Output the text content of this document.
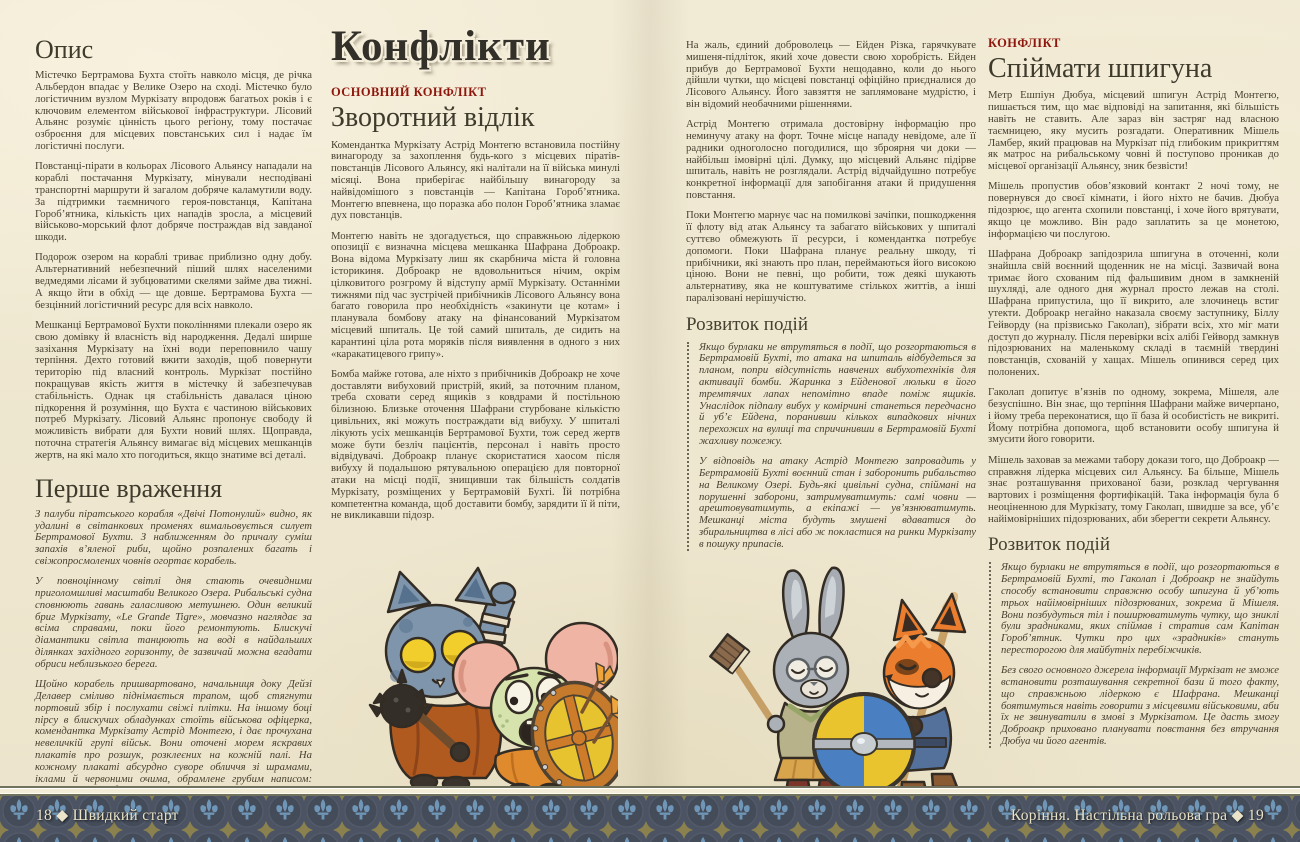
Опис

Містечко Бертрамова Бухта стоїть навколо місця, де річка Альбердон впадає у Велике Озеро на сході. Містечко було логістичним вузлом Муркізату впродовж багатьох років і є ключовим елементом військової інфраструктури. Лісовий Альянс розуміє цінність цього регіону, тому постачає озброєння для місцевих повстанських сил і надає їм логістичні послуги.

Повстанці-пірати в кольорах Лісового Альянсу нападали на кораблі постачання Муркізату, мінували несподівані транспортні маршрути й загалом добряче каламутили воду. За підтримки таємничого героя-повстанця, Капітана Гороб’ятника, кількість цих нападів зросла, а місцевий військово-морський флот добряче постраждав від завданої шкоди.

Подорож озером на кораблі триває приблизно одну добу. Альтернативний небезпечний піший шлях населеними ведмедями лісами й зубцюватими скелями займе два тижні. А якщо йти в обхід — ще довше. Бертрамова Бухта — безцінний логістичний ресурс для всіх навколо.

Мешканці Бертрамової Бухти поколіннями плекали озеро як свою домівку й власність від народження. Дедалі ширше зазіхання Муркізату на їхні води переповнило чашу терпіння. Дехто готовий вжити заходів, щоб повернути територію під власний контроль. Муркізат постійно покращував якість життя в містечку й забезпечував стабільність. Однак ця стабільність давалася ціною підкорення й розуміння, що Бухта є частиною військових потреб Муркізату. Лісовий Альянс пропонує свободу й можливість вибрати для Бухти новий шлях. Щоправда, поточна стратегія Альянсу вимагає від місцевих мешканців жертв, на які мало хто погодиться, якщо знатиме всі деталі.

Перше враження

З палуби піратського корабля «Двічі Потонулий» видно, як удалині в світанкових променях вимальовується силует Бертрамової Бухти. З наближенням до причалу суміш запахів в’яленої риби, щойно розпалених багать і свіжопросмолених човнів огортає корабель.

У повноцінному світлі дня стають очевидними приголомшливі масштаби Великого Озера. Рибальські судна сповнюють гавань галасливою метушнею. Один великий бриг Муркізату, «Le Grande Tigre», мовчазно наглядає за всіма справами, поки його ремонтують. Блискучі діамантики світла танцюють на воді в найдальших ділянках західного горизонту, де зазвичай можна вгадати обриси неблизького берега.

Щойно корабель пришвартовано, начальниця доку Дейзі Делавер сміливо піднімається трапом, щоб стягнути портовий збір і послухати свіжі плітки. На іншому боці пірсу в блискучих обладунках стоїть військова офіцерка, комендантка Муркізату Астрід Монтегю, і дає прочухана невеличкій групі військ. Вони оточені морем яскравих плакатів про розшук, розклеєних на кожній палі. На кожному плакаті абсурдно суворе обличчя зі шрамами, іклами й червоними очима, обрамлене грубим написом:

Конфлікти
ОСНОВНИЙ КОНФЛІКТ
Зворотний відлік

Комендантка Муркізату Астрід Монтегю встановила постійну винагороду за захоплення будь-кого з місцевих піратів-повстанців Лісового Альянсу, які налітали на її війська минулі місяці. Вона приберігає найбільшу винагороду за найвідомішого з повстанців — Капітана Гороб’ятника. Монтегю впевнена, що поразка або полон Гороб’ятника зламає дух повстанців.

Монтегю навіть не здогадується, що справжньою лідеркою опозиції є визначна місцева мешканка Шафрана Доброакр. Вона відома Муркізату лиш як скарбнича міста й головна історикиня. Доброакр не вдовольниться нічим, окрім цілковитого розгрому й відступу армії Муркізату. Останніми тижнями під час зустрічей прибічників Лісового Альянсу вона багато говорила про необхідність «закинути це котам» і планувала бомбову атаку на фінансований Муркізатом місцевий шпиталь. Це той самий шпиталь, де сидить на карантині ціла рота моряків після виявлення в одного з них «каракатицевого грипу».

Бомба майже готова, але ніхто з прибічників Доброакр не хоче доставляти вибуховий пристрій, який, за поточним планом, треба сховати серед ящиків з ковдрами й постільною білизною. Близьке оточення Шафрани стурбоване кількістю цивільних, які можуть постраждати від вибуху. У шпиталі лікують усіх мешканців Бертрамової Бухти, тож серед жертв може бути безліч пацієнтів, персонал і навіть просто відвідувачі. Доброакр планує скористатися хаосом після вибуху й подальшою рятувальною операцією для повторної атаки на місці події, знищивши так більшість солдатів Муркізату, розміщених у Бертрамовій Бухті. Їй потрібна компетентна команда, щоб доставити бомбу, зарядити її й піти, не викликавши підозр.

На жаль, єдиний доброволець — Ейден Різка, гарячкувате мишеня-підліток, який хоче довести свою хоробрість. Ейден прибув до Бертрамової Бухти нещодавно, коли до нього дійшли чутки, що місцеві повстанці офіційно приєдналися до Лісового Альянсу. Його завзяття не заплямоване мудрістю, і він відомий необачними рішеннями.

Астрід Монтегю отримала достовірну інформацію про неминучу атаку на форт. Точне місце нападу невідоме, але її радники одноголосно погодилися, що зброярня чи доки — найбільш імовірні цілі. Думку, що місцевий Альянс підірве шпиталь, навіть не розглядали. Астрід відчайдушно потребує конкретної інформації для запобігання атаки й придушення повстання.

Поки Монтегю марнує час на помилкові зачіпки, пошкодження її флоту від атак Альянсу та забагато військових у шпиталі суттєво обмежують її ресурси, і комендантка потребує допомоги. Поки Шафрана планує реальну шкоду, ті прибічники, які знають про план, переймаються його високою ціною. Вони не певні, що робити, тож деякі шукають альтернативу, яка не коштуватиме стількох життів, а інші паралізовані нерішучістю.

Розвиток подій

Якщо бурлаки не втрутяться в події, що розгортаються в Бертрамовій Бухті, то атака на шпиталь відбудеться за планом, попри відсутність навчених вибухотехніків для активації бомби. Жаринка з Ейденової люльки в його тремтячих лапах непомітно впаде поміж ящиків. Унаслідок підпалу вибух у комірчині станеться передчасно й уб’є Ейдена, поранивши кількох випадкових нічних перехожих на вулиці та спричинивши в Бертрамовій Бухті жахливу пожежу.

У відповідь на атаку Астрід Монтегю запровадить у Бертрамовій Бухті воєнний стан і заборонить рибальство на Великому Озері. Будь-які цивільні судна, спіймані на порушенні заборони, затримуватимуть: самі човни — арештовуватимуть, а екіпажі — ув’язнюватимуть. Мешканці міста будуть змушені вдаватися до збиральництва в лісі або ж покластися на ринки Муркізату в пошуку припасів.

КОНФЛІКТ
Спіймати шпигуна

Метр Ешпіун Дюбуа, місцевий шпигун Астрід Монтегю, пишається тим, що має відповіді на запитання, які більшість навіть не ставить. Але зараз він застряг над власною таємницею, яку мусить розгадати. Оперативник Мішель Ламбер, який працював на Муркізат під глибоким прикриттям як матрос на рибальському човні й поступово проникав до місцевої організації Альянсу, зник безвісти!

Мішель пропустив обов’язковий контакт 2 ночі тому, не повернувся до своєї кімнати, і його ніхто не бачив. Дюбуа підозрює, що агента схопили повстанці, і хоче його врятувати, якщо це можливо. Він радо заплатить за це монетою, інформацією чи послугою.

Шафрана Доброакр запідозрила шпигуна в оточенні, коли знайшла свій воєнний щоденник не на місці. Зазвичай вона тримає його схованим під фальшивим дном в замкненій шухляді, але одного дня журнал просто лежав на столі. Шафрана припустила, що її викрито, але злочинець встиг утекти. Доброакр негайно наказала своєму заступнику, Біллу Гейворду (на прізвисько Гаколап), зібрати всіх, хто міг мати доступ до журналу. Після перевірки всіх алібі Гейворд замкнув підозрюваних на маленькому складі в таємній твердині повстанців, схованій у хащах. Мішель опинився серед цих полонених.

Гаколап допитує в’язнів по одному, зокрема, Мішеля, але безуспішно. Він знає, що терпіння Шафрани майже вичерпано, і йому треба переконатися, що її база й особистість не викриті. Йому потрібна допомога, щоб встановити особу шпигуна й змусити його говорити.

Мішель заховав за межами табору докази того, що Доброакр — справжня лідерка місцевих сил Альянсу. Ба більше, Мішель знає розташування прихованої бази, розклад чергування вартових і розміщення фортифікацій. Така інформація була б неоціненною для Муркізату, тому Гаколап, швидше за все, уб’є найімовірніших підозрюваних, аби зберегти секрети Альянсу.

Розвиток подій

Якщо бурлаки не втрутяться в події, що розгортаються в Бертрамовій Бухті, то Гаколап і Доброакр не знайдуть способу встановити справжню особу шпигуна й уб’ють трьох найімовірніших підозрюваних, зокрема й Мішеля. Вони позбудуться тіл і поширюватимуть чутку, що зниклі були зрадниками, яких спіймав і стратив сам Капітан Гороб’ятник. Чутки про цих «зрадників» стануть пересторогою для майбутніх перебіжчиків.

Без свого основного джерела інформації Муркізат не зможе встановити розташування секретної бази й того факту, що справжньою лідеркою є Шафрана. Мешканці боятимуться навіть говорити з місцевими військовими, аби їх не звинуватили в змові з Муркізатом. Це дасть змогу Доброакр приховано планувати повстання без втручання Дюбуа чи його агентів.

18 ◆ Швидкий старт	Коріння. Настільна рольова гра ◆ 19
